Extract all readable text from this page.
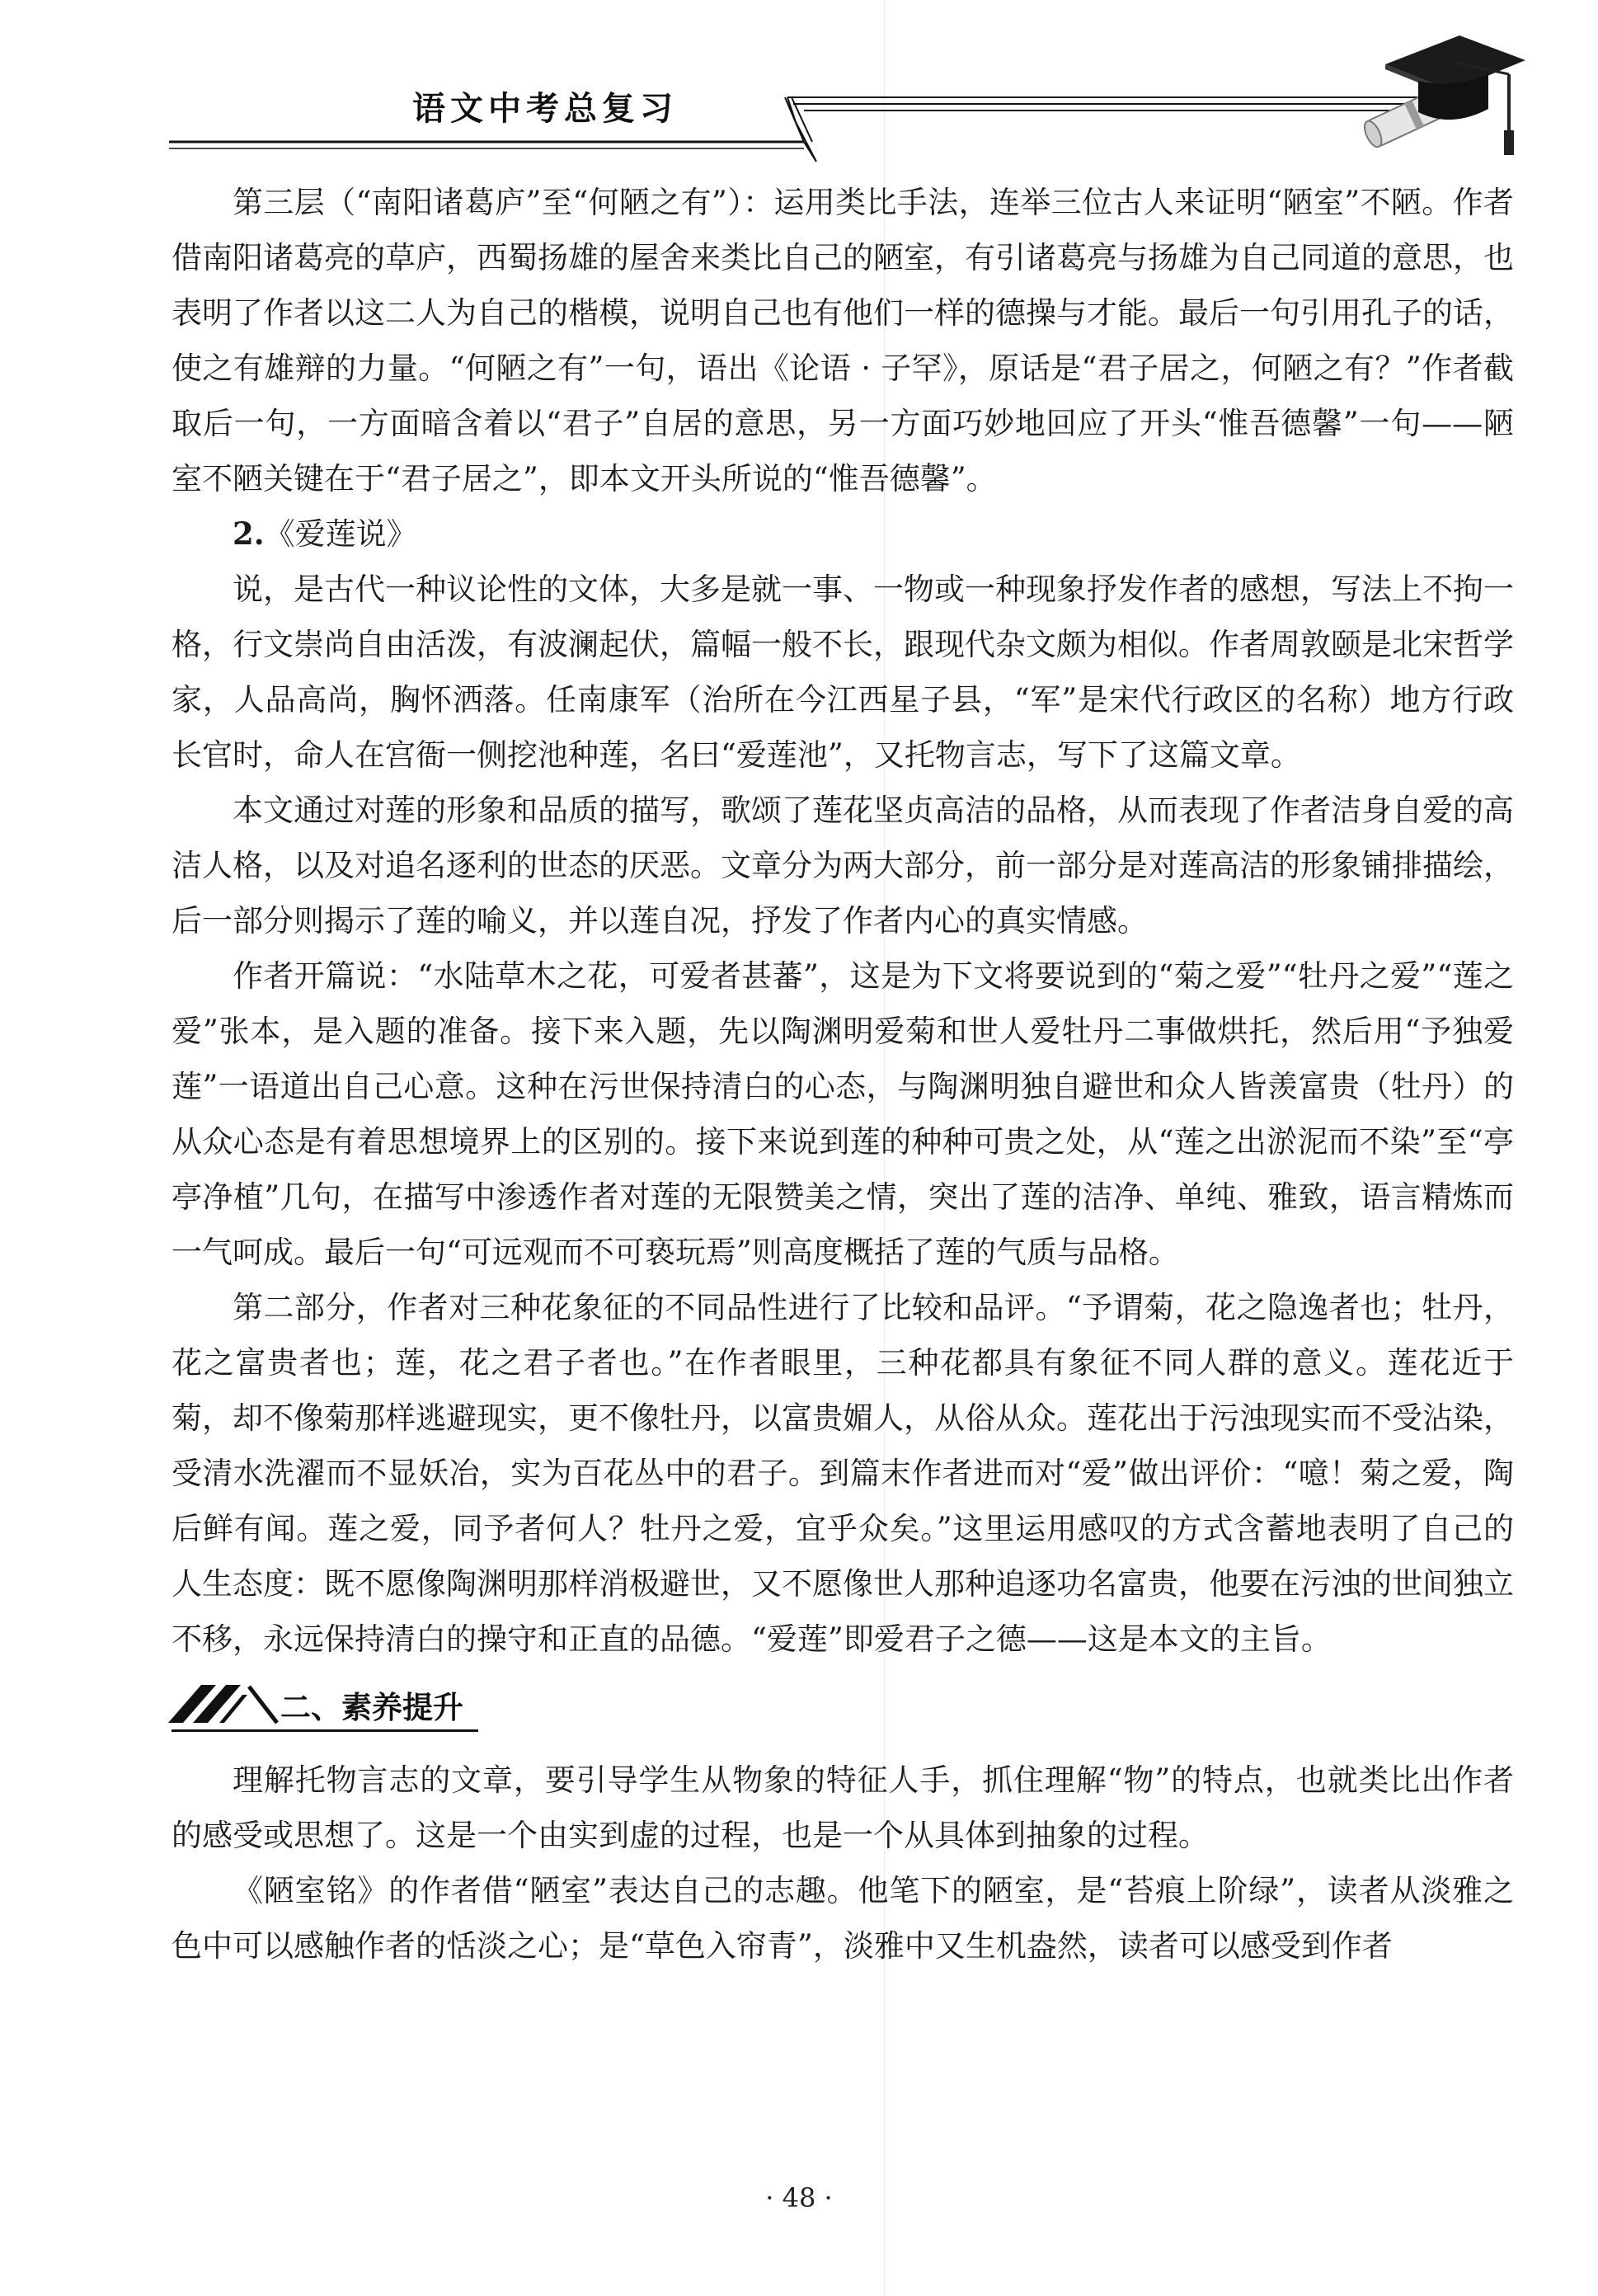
语文中考总复习

第三层（“南阳诸葛庐”至“何陋之有”）：运用类比手法，连举三位古人来证明“陋室”不陋。作者借南阳诸葛亮的草庐，西蜀扬雄的屋舍来类比自己的陋室，有引诸葛亮与扬雄为自己同道的意思，也表明了作者以这二人为自己的楷模，说明自己也有他们一样的德操与才能。最后一句引用孔子的话，使之有雄辩的力量。“何陋之有”一句，语出《论语 · 子罕》，原话是“君子居之，何陋之有？”作者截取后一句，一方面暗含着以“君子”自居的意思，另一方面巧妙地回应了开头“惟吾德馨”一句——陋室不陋关键在于“君子居之”，即本文开头所说的“惟吾德馨”。

2.《爱莲说》

说，是古代一种议论性的文体，大多是就一事、一物或一种现象抒发作者的感想，写法上不拘一格，行文崇尚自由活泼，有波澜起伏，篇幅一般不长，跟现代杂文颇为相似。作者周敦颐是北宋哲学家，人品高尚，胸怀洒落。任南康军（治所在今江西星子县，“军”是宋代行政区的名称）地方行政长官时，命人在宫衙一侧挖池种莲，名曰“爱莲池”，又托物言志，写下了这篇文章。

本文通过对莲的形象和品质的描写，歌颂了莲花坚贞高洁的品格，从而表现了作者洁身自爱的高洁人格，以及对追名逐利的世态的厌恶。文章分为两大部分，前一部分是对莲高洁的形象铺排描绘，后一部分则揭示了莲的喻义，并以莲自况，抒发了作者内心的真实情感。

作者开篇说：“水陆草木之花，可爱者甚蕃”，这是为下文将要说到的“菊之爱”“牡丹之爱”“莲之爱”张本，是入题的准备。接下来入题，先以陶渊明爱菊和世人爱牡丹二事做烘托，然后用“予独爱莲”一语道出自己心意。这种在污世保持清白的心态，与陶渊明独自避世和众人皆羡富贵（牡丹）的从众心态是有着思想境界上的区别的。接下来说到莲的种种可贵之处，从“莲之出淤泥而不染”至“亭亭净植”几句，在描写中渗透作者对莲的无限赞美之情，突出了莲的洁净、单纯、雅致，语言精炼而一气呵成。最后一句“可远观而不可亵玩焉”则高度概括了莲的气质与品格。

第二部分，作者对三种花象征的不同品性进行了比较和品评。“予谓菊，花之隐逸者也；牡丹，花之富贵者也；莲，花之君子者也。”在作者眼里，三种花都具有象征不同人群的意义。莲花近于菊，却不像菊那样逃避现实，更不像牡丹，以富贵媚人，从俗从众。莲花出于污浊现实而不受沾染，受清水洗濯而不显妖冶，实为百花丛中的君子。到篇末作者进而对“爱”做出评价：“噫！菊之爱，陶后鲜有闻。莲之爱，同予者何人？牡丹之爱，宜乎众矣。”这里运用感叹的方式含蓄地表明了自己的人生态度：既不愿像陶渊明那样消极避世，又不愿像世人那种追逐功名富贵，他要在污浊的世间独立不移，永远保持清白的操守和正直的品德。“爱莲”即爱君子之德——这是本文的主旨。

二、素养提升

理解托物言志的文章，要引导学生从物象的特征人手，抓住理解“物”的特点，也就类比出作者的感受或思想了。这是一个由实到虚的过程，也是一个从具体到抽象的过程。

《陋室铭》的作者借“陋室”表达自己的志趣。他笔下的陋室，是“苔痕上阶绿”，读者从淡雅之色中可以感触作者的恬淡之心；是“草色入帘青”，淡雅中又生机盎然，读者可以感受到作者

· 48 ·
